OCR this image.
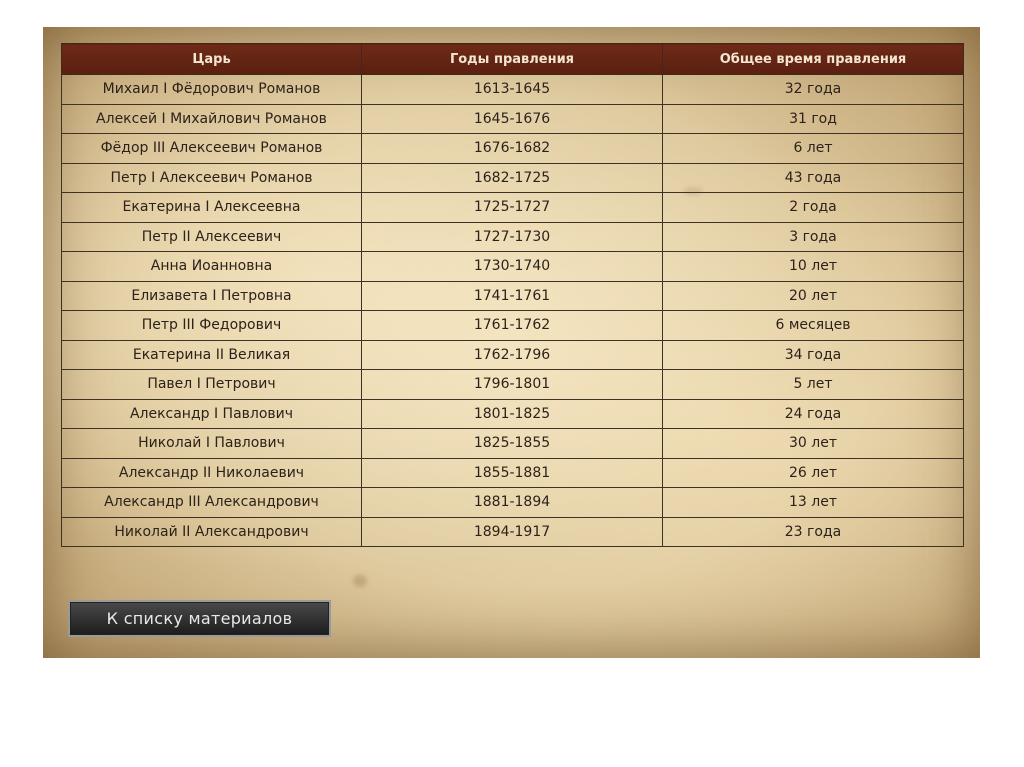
Царь	Годы правления	Общее время правления
Михаил I Фёдорович Романов	1613-1645	32 года
Алексей I Михайлович Романов	1645-1676	31 год
Фёдор III Алексеевич Романов	1676-1682	6 лет
Петр I Алексеевич Романов	1682-1725	43 года
Екатерина I Алексеевна	1725-1727	2 года
Петр II Алексеевич	1727-1730	3 года
Анна Иоанновна	1730-1740	10 лет
Елизавета I Петровна	1741-1761	20 лет
Петр III Федорович	1761-1762	6 месяцев
Екатерина II Великая	1762-1796	34 года
Павел I Петрович	1796-1801	5 лет
Александр I Павлович	1801-1825	24 года
Николай I Павлович	1825-1855	30 лет
Александр II Николаевич	1855-1881	26 лет
Александр III Александрович	1881-1894	13 лет
Николай II Александрович	1894-1917	23 года
К списку материалов
